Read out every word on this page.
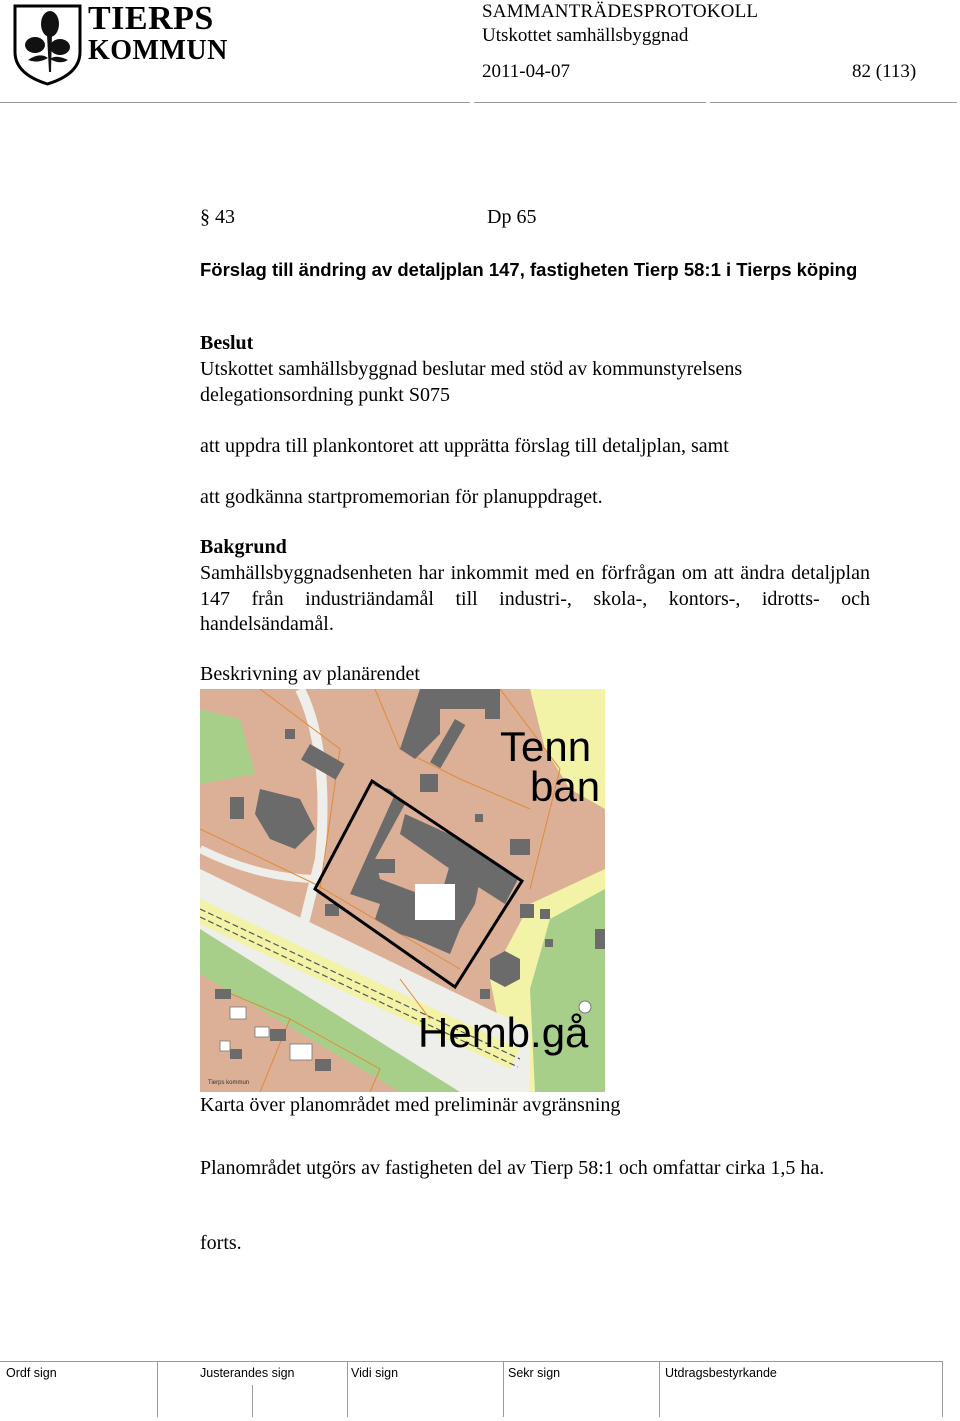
TIERPS
KOMMUN
SAMMANTRÄDESPROTOKOLL
Utskottet samhällsbyggnad
2011-04-07	82 (113)
§ 43	Dp 65
Förslag till ändring av detaljplan 147, fastigheten Tierp 58:1 i Tierps köping
Beslut
Utskottet samhällsbyggnad beslutar med stöd av kommunstyrelsens delegationsordning punkt S075
att uppdra till plankontoret att upprätta förslag till detaljplan, samt
att godkänna startpromemorian för planuppdraget.
Bakgrund
Samhällsbyggnadsenheten har inkommit med en förfrågan om att ändra detaljplan 147 från industriändamål till industri-, skola-, kontors-, idrotts- och handelsändamål.
Beskrivning av planärendet
Tenn
ban
Hemb.gå
Tierps kommun
Karta över planområdet med preliminär avgränsning
Planområdet utgörs av fastigheten del av Tierp 58:1 och omfattar cirka 1,5 ha.
forts.
Ordf sign	Justerandes sign	Vidi sign	Sekr sign	Utdragsbestyrkande
